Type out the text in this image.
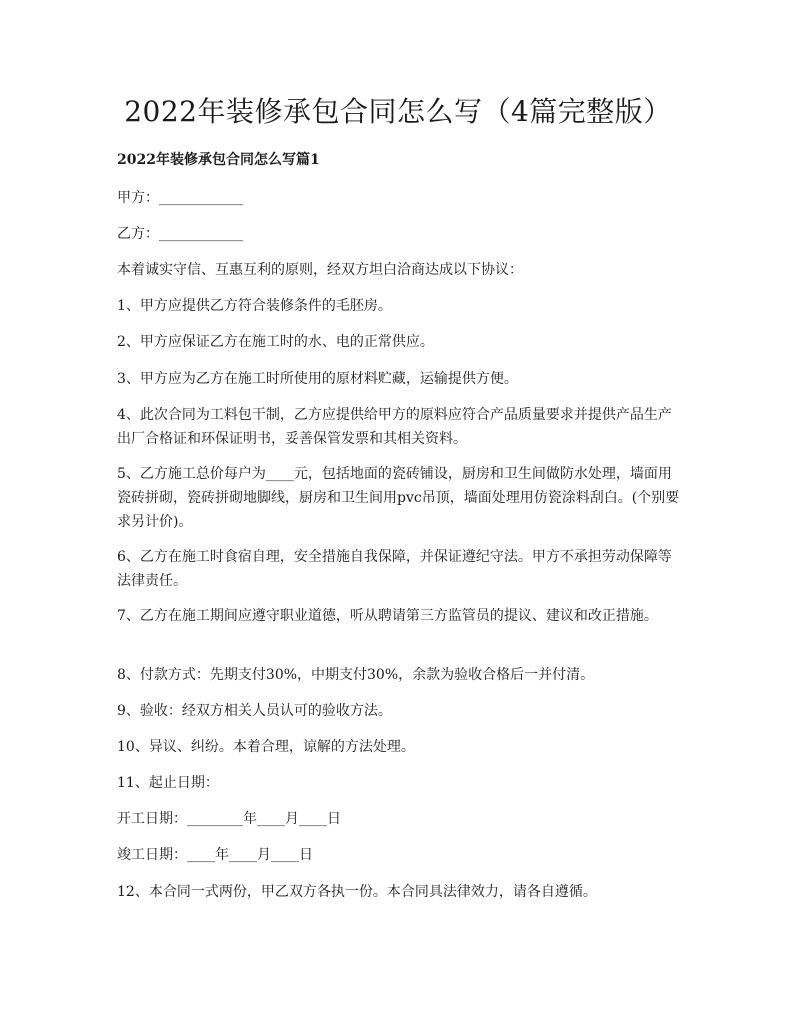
2022年装修承包合同怎么写（4篇完整版）
2022年装修承包合同怎么写篇1

甲方：____________

乙方：____________

本着诚实守信、互惠互利的原则，经双方坦白洽商达成以下协议：

1、甲方应提供乙方符合装修条件的毛胚房。

2、甲方应保证乙方在施工时的水、电的正常供应。

3、甲方应为乙方在施工时所使用的原材料贮藏，运输提供方便。

4、此次合同为工料包干制，乙方应提供给甲方的原料应符合产品质量要求并提供产品生产出厂合格证和环保证明书，妥善保管发票和其相关资料。

5、乙方施工总价每户为____元，包括地面的瓷砖铺设，厨房和卫生间做防水处理，墙面用瓷砖拼砌，瓷砖拼砌地脚线，厨房和卫生间用pvc吊顶，墙面处理用仿瓷涂料刮白。(个别要求另计价)。

6、乙方在施工时食宿自理，安全措施自我保障，并保证遵纪守法。甲方不承担劳动保障等法律责任。

7、乙方在施工期间应遵守职业道德，听从聘请第三方监管员的提议、建议和改正措施。

8、付款方式：先期支付30%，中期支付30%，余款为验收合格后一并付清。

9、验收：经双方相关人员认可的验收方法。

10、异议、纠纷。本着合理，谅解的方法处理。

11、起止日期：

开工日期：________年____月____日

竣工日期：____年____月____日

12、本合同一式两份，甲乙双方各执一份。本合同具法律效力，请各自遵循。
